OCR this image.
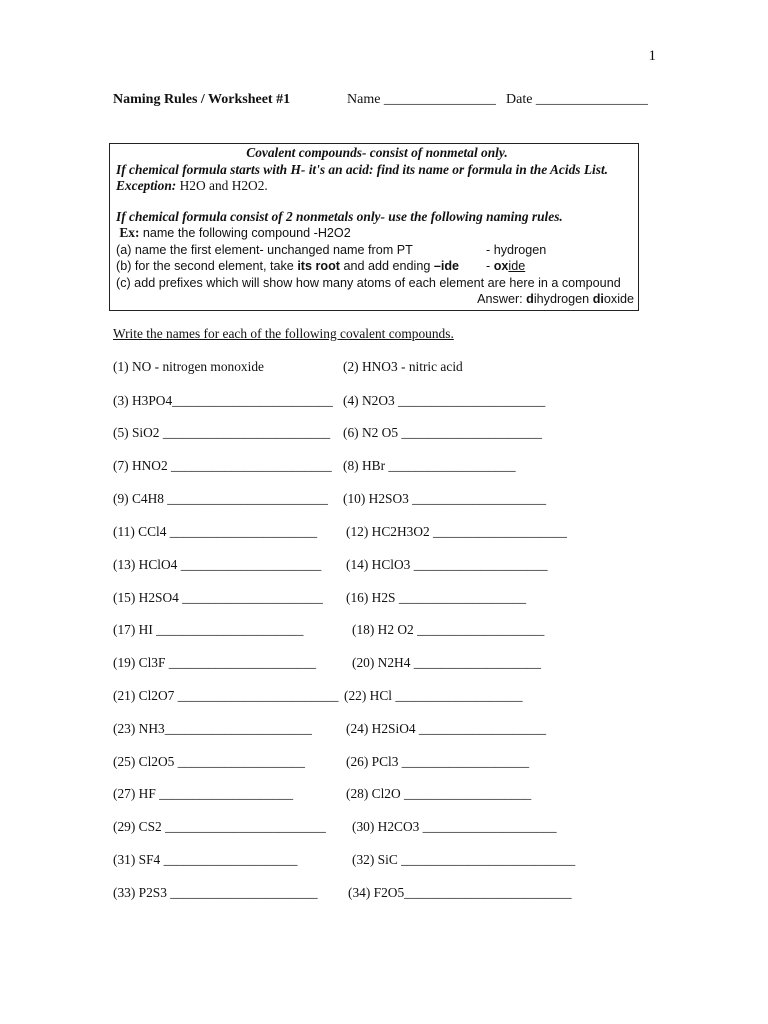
1
Naming Rules / Worksheet #1	Name ________________ Date ________________
Covalent compounds- consist of nonmetal only.
If chemical formula starts with H- it's an acid: find its name or formula in the Acids List.
Exception: H2O and H2O2.
If chemical formula consist of 2 nonmetals only- use the following naming rules.
Ex: name the following compound -H2O2
(a) name the first element- unchanged name from PT	- hydrogen
(b) for the second element, take its root and add ending –ide - oxide
(c) add prefixes which will show how many atoms of each element are here in a compound
Answer: dihydrogen dioxide
Write the names for each of the following covalent compounds.
(1) NO - nitrogen monoxide	(2) HNO3 - nitric acid
(3) H3PO4________________________ (4) N2O3 ______________________
(5) SiO2 _________________________ (6) N2 O5 _____________________
(7) HNO2 ________________________ (8) HBr ___________________
(9) C4H8 ________________________ (10) H2SO3 ____________________
(11) CCl4 ______________________ (12) HC2H3O2 ____________________
(13) HClO4 _____________________ (14) HClO3 ____________________
(15) H2SO4 _____________________ (16) H2S ___________________
(17) HI ______________________	(18) H2 O2 ___________________
(19) Cl3F ______________________	(20) N2H4 ___________________
(21) Cl2O7 ________________________ (22) HCl ___________________
(23) NH3______________________	(24) H2SiO4 ___________________
(25) Cl2O5 ___________________	(26) PCl3 ___________________
(27) HF ____________________	(28) Cl2O ___________________
(29) CS2 ________________________ (30) H2CO3 ____________________
(31) SF4 ____________________	(32) SiC __________________________
(33) P2S3 ______________________ (34) F2O5_________________________
